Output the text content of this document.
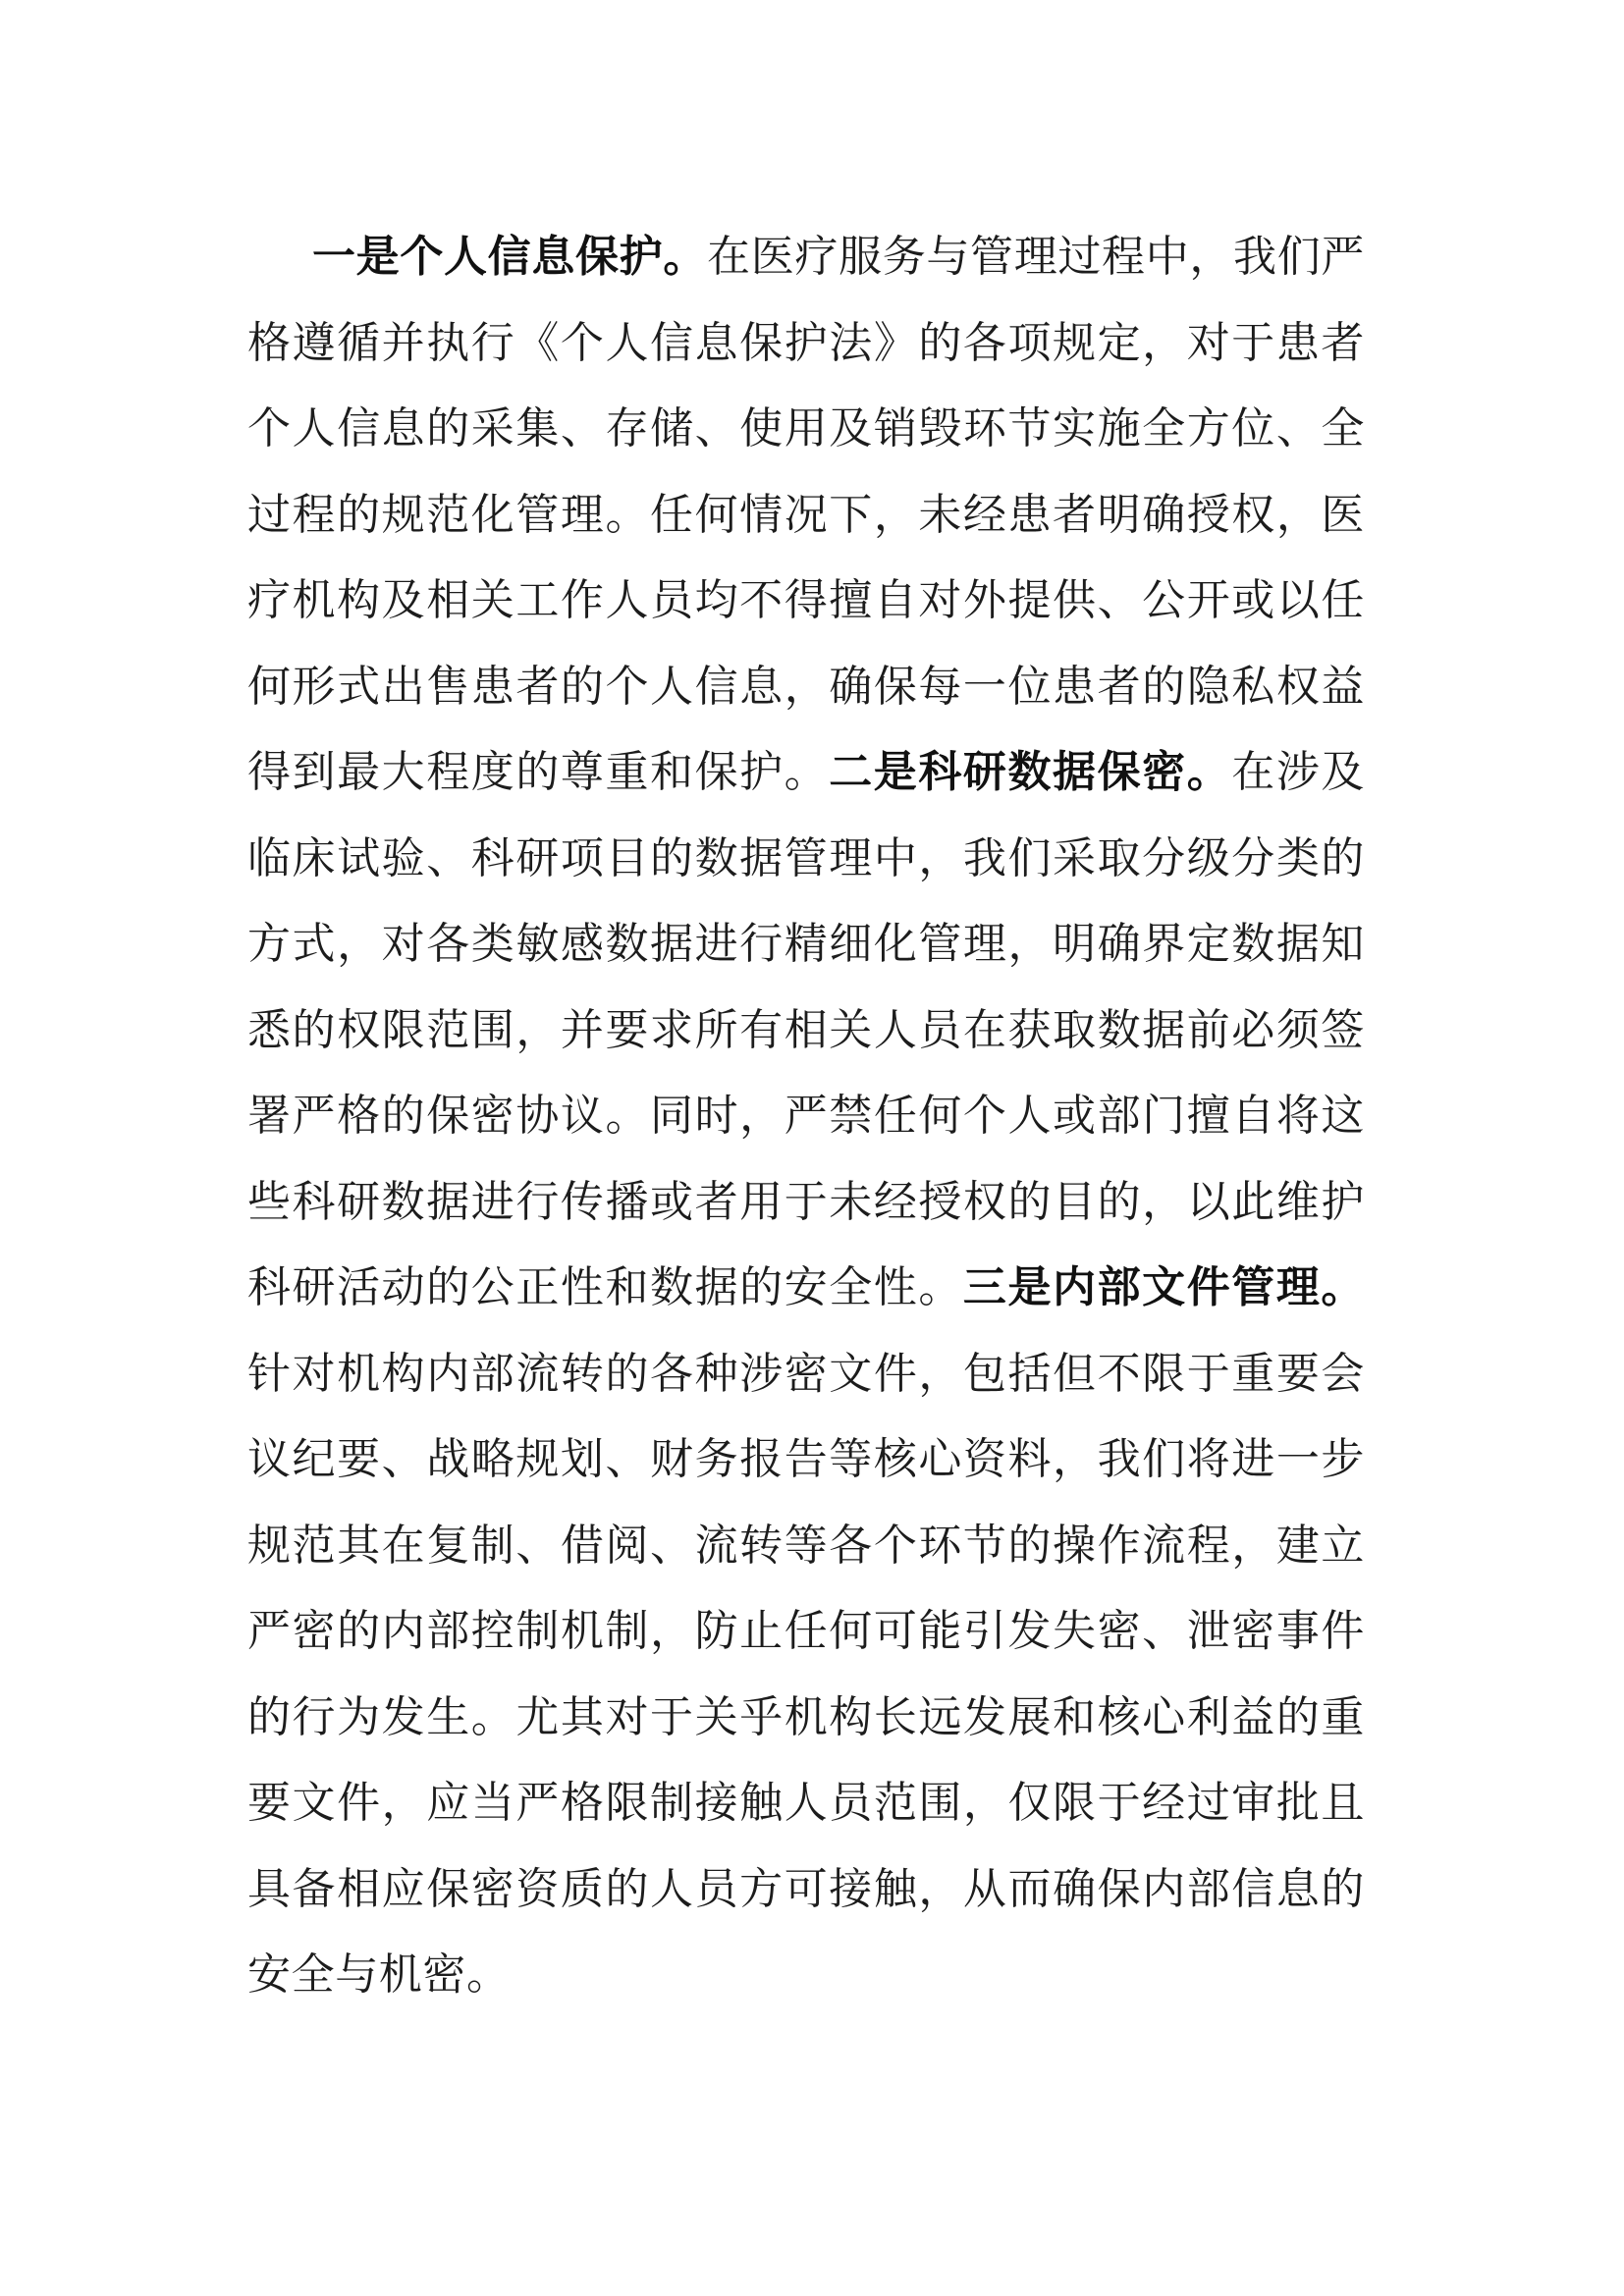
一是个人信息保护。在医疗服务与管理过程中，我们严格遵循并执行《个人信息保护法》的各项规定，对于患者个人信息的采集、存储、使用及销毁环节实施全方位、全过程的规范化管理。任何情况下，未经患者明确授权，医疗机构及相关工作人员均不得擅自对外提供、公开或以任何形式出售患者的个人信息，确保每一位患者的隐私权益得到最大程度的尊重和保护。二是科研数据保密。在涉及临床试验、科研项目的数据管理中，我们采取分级分类的方式，对各类敏感数据进行精细化管理，明确界定数据知悉的权限范围，并要求所有相关人员在获取数据前必须签署严格的保密协议。同时，严禁任何个人或部门擅自将这些科研数据进行传播或者用于未经授权的目的，以此维护科研活动的公正性和数据的安全性。三是内部文件管理。针对机构内部流转的各种涉密文件，包括但不限于重要会议纪要、战略规划、财务报告等核心资料，我们将进一步规范其在复制、借阅、流转等各个环节的操作流程，建立严密的内部控制机制，防止任何可能引发失密、泄密事件的行为发生。尤其对于关乎机构长远发展和核心利益的重要文件，应当严格限制接触人员范围，仅限于经过审批且具备相应保密资质的人员方可接触，从而确保内部信息的安全与机密。
